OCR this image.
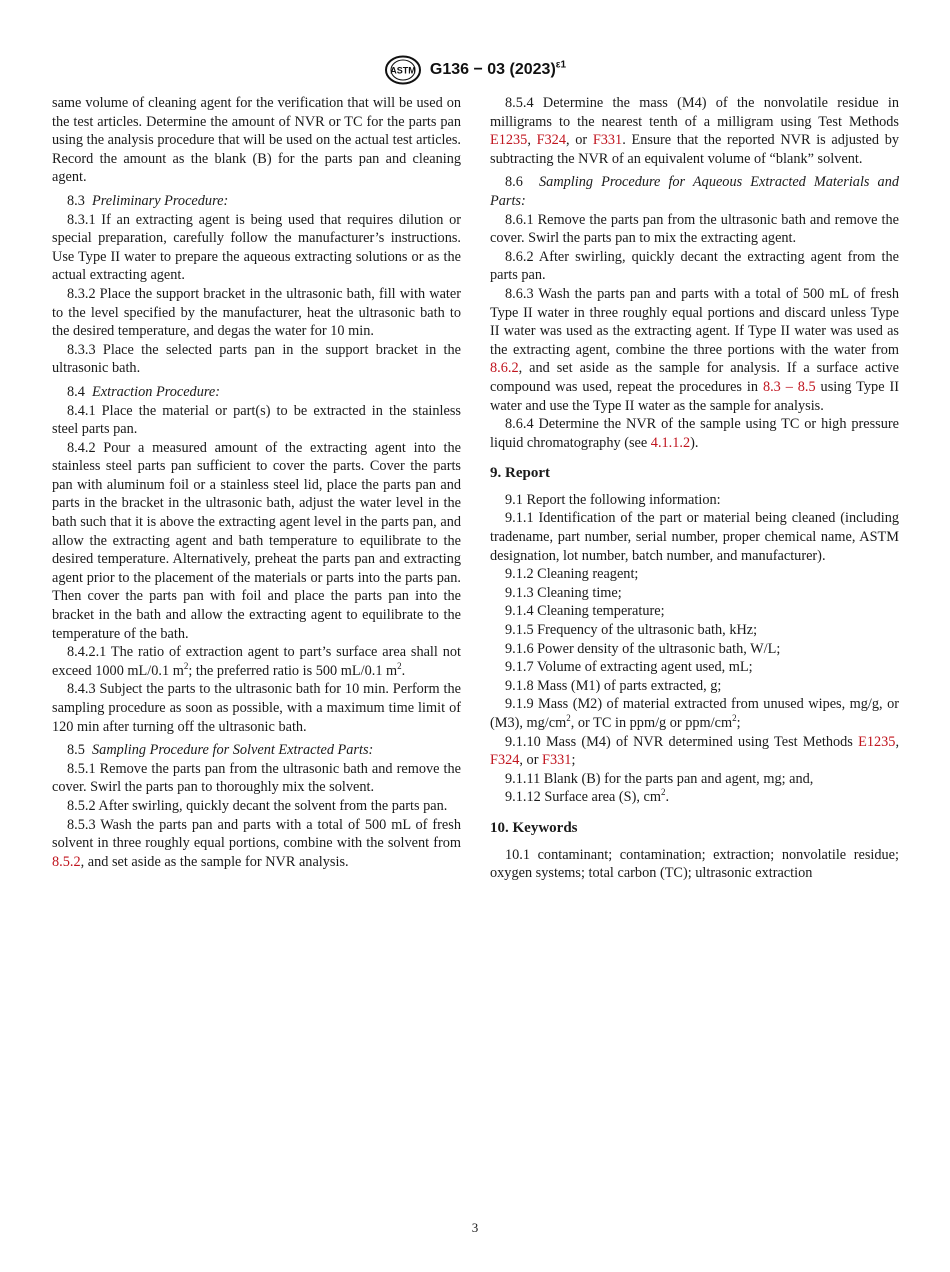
ASTM G136 − 03 $(2023)^{\varepsilon 1}$

same volume of cleaning agent for the verification that will be used on the test articles. Determine the amount of NVR or TC for the parts pan using the analysis procedure that will be used on the actual test articles. Record the amount as the blank (B) for the parts pan and cleaning agent.

8.3 Preliminary Procedure:

8.3.1 If an extracting agent is being used that requires dilution or special preparation, carefully follow the manufacturer’s instructions. Use Type II water to prepare the aqueous extracting solutions or as the actual extracting agent.

8.3.2 Place the support bracket in the ultrasonic bath, fill with water to the level specified by the manufacturer, heat the ultrasonic bath to the desired temperature, and degas the water for 10 min.

8.3.3 Place the selected parts pan in the support bracket in the ultrasonic bath.

8.4 Extraction Procedure:

8.4.1 Place the material or part(s) to be extracted in the stainless steel parts pan.

8.4.2 Pour a measured amount of the extracting agent into the stainless steel parts pan sufficient to cover the parts. Cover the parts pan with aluminum foil or a stainless steel lid, place the parts pan and parts in the bracket in the ultrasonic bath, adjust the water level in the bath such that it is above the extracting agent level in the parts pan, and allow the extracting agent and bath temperature to equilibrate to the desired temperature. Alternatively, preheat the parts pan and extracting agent prior to the placement of the materials or parts into the parts pan. Then cover the parts pan with foil and place the parts pan into the bracket in the bath and allow the extracting agent to equilibrate to the temperature of the bath.

8.4.2.1 The ratio of extraction agent to part’s surface area shall not exceed 1000 mL/0.1 $m^2$; the preferred ratio is 500 mL/0.1 $m^2$.

8.4.3 Subject the parts to the ultrasonic bath for 10 min. Perform the sampling procedure as soon as possible, with a maximum time limit of 120 min after turning off the ultrasonic bath.

8.5 Sampling Procedure for Solvent Extracted Parts:

8.5.1 Remove the parts pan from the ultrasonic bath and remove the cover. Swirl the parts pan to thoroughly mix the solvent.

8.5.2 After swirling, quickly decant the solvent from the parts pan.

8.5.3 Wash the parts pan and parts with a total of 500 mL of fresh solvent in three roughly equal portions, combine with the solvent from 8.5.2, and set aside as the sample for NVR analysis.

8.5.4 Determine the mass (M4) of the nonvolatile residue in milligrams to the nearest tenth of a milligram using Test Methods E1235, F324, or F331. Ensure that the reported NVR is adjusted by subtracting the NVR of an equivalent volume of “blank” solvent.

8.6 Sampling Procedure for Aqueous Extracted Materials and Parts:

8.6.1 Remove the parts pan from the ultrasonic bath and remove the cover. Swirl the parts pan to mix the extracting agent.

8.6.2 After swirling, quickly decant the extracting agent from the parts pan.

8.6.3 Wash the parts pan and parts with a total of 500 mL of fresh Type II water in three roughly equal portions and discard unless Type II water was used as the extracting agent. If Type II water was used as the extracting agent, combine the three portions with the water from 8.6.2, and set aside as the sample for analysis. If a surface active compound was used, repeat the procedures in 8.3 – 8.5 using Type II water and use the Type II water as the sample for analysis.

8.6.4 Determine the NVR of the sample using TC or high pressure liquid chromatography (see 4.1.1.2).

9. Report

9.1 Report the following information:

9.1.1 Identification of the part or material being cleaned (including tradename, part number, serial number, proper chemical name, ASTM designation, lot number, batch number, and manufacturer).

9.1.2 Cleaning reagent;

9.1.3 Cleaning time;

9.1.4 Cleaning temperature;

9.1.5 Frequency of the ultrasonic bath, kHz;

9.1.6 Power density of the ultrasonic bath, W/L;

9.1.7 Volume of extracting agent used, mL;

9.1.8 Mass (M1) of parts extracted, g;

9.1.9 Mass (M2) of material extracted from unused wipes, mg/g, or (M3), $mg/cm^2$, or TC in ppm/g or ppm/$cm^2$;

9.1.10 Mass (M4) of NVR determined using Test Methods E1235, F324, or F331;

9.1.11 Blank (B) for the parts pan and agent, mg; and,

9.1.12 Surface area (S), $cm^2$.

10. Keywords

10.1 contaminant; contamination; extraction; nonvolatile residue; oxygen systems; total carbon (TC); ultrasonic extraction

3
